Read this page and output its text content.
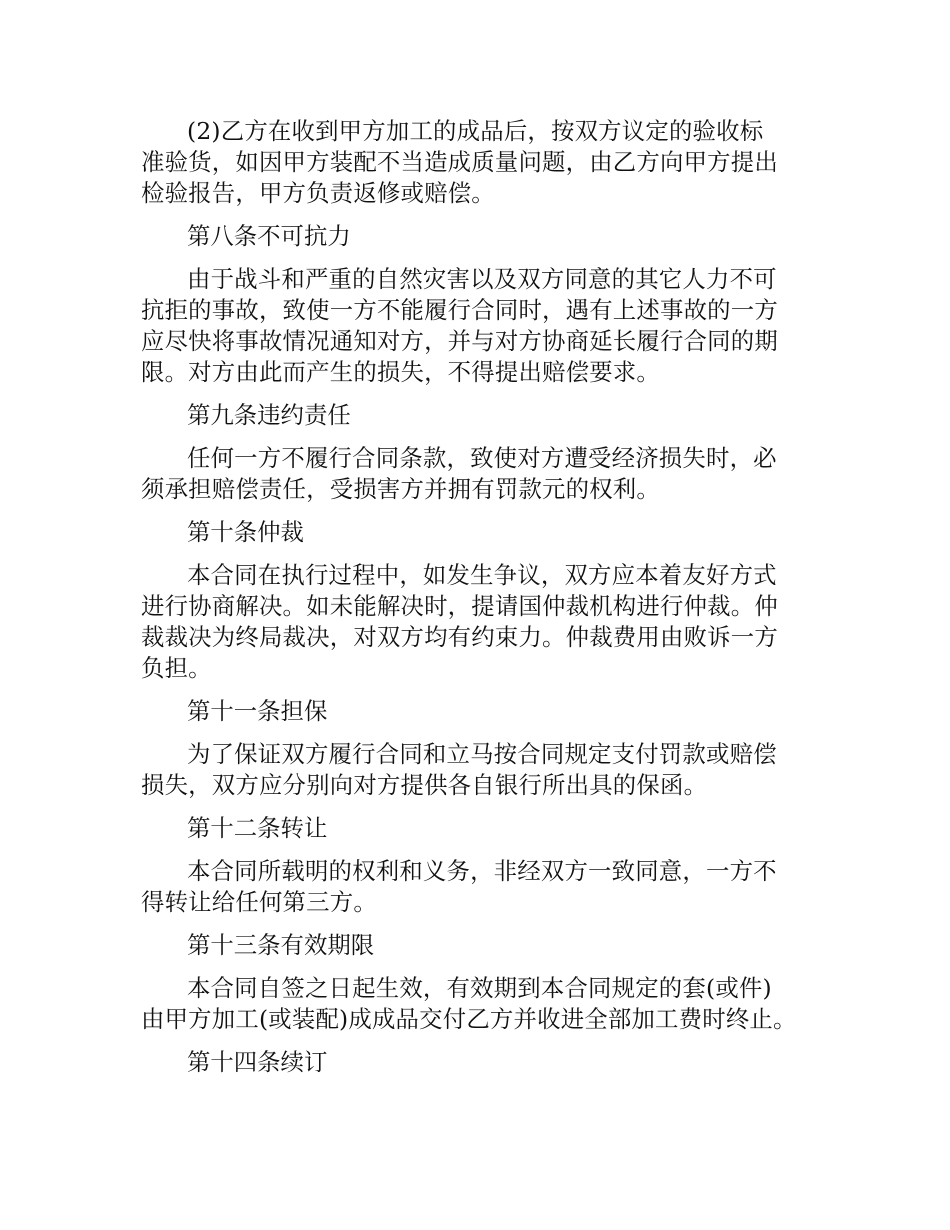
(2)乙方在收到甲方加工的成品后，按双方议定的验收标
准验货，如因甲方装配不当造成质量问题，由乙方向甲方提出
检验报告，甲方负责返修或赔偿。

第八条不可抗力

由于战斗和严重的自然灾害以及双方同意的其它人力不可
抗拒的事故，致使一方不能履行合同时，遇有上述事故的一方
应尽快将事故情况通知对方，并与对方协商延长履行合同的期
限。对方由此而产生的损失，不得提出赔偿要求。

第九条违约责任

任何一方不履行合同条款，致使对方遭受经济损失时，必
须承担赔偿责任，受损害方并拥有罚款元的权利。

第十条仲裁

本合同在执行过程中，如发生争议，双方应本着友好方式
进行协商解决。如未能解决时，提请国仲裁机构进行仲裁。仲
裁裁决为终局裁决，对双方均有约束力。仲裁费用由败诉一方
负担。

第十一条担保

为了保证双方履行合同和立马按合同规定支付罚款或赔偿
损失，双方应分别向对方提供各自银行所出具的保函。

第十二条转让

本合同所载明的权利和义务，非经双方一致同意，一方不
得转让给任何第三方。

第十三条有效期限

本合同自签之日起生效，有效期到本合同规定的套(或件)
由甲方加工(或装配)成成品交付乙方并收进全部加工费时终止。

第十四条续订
